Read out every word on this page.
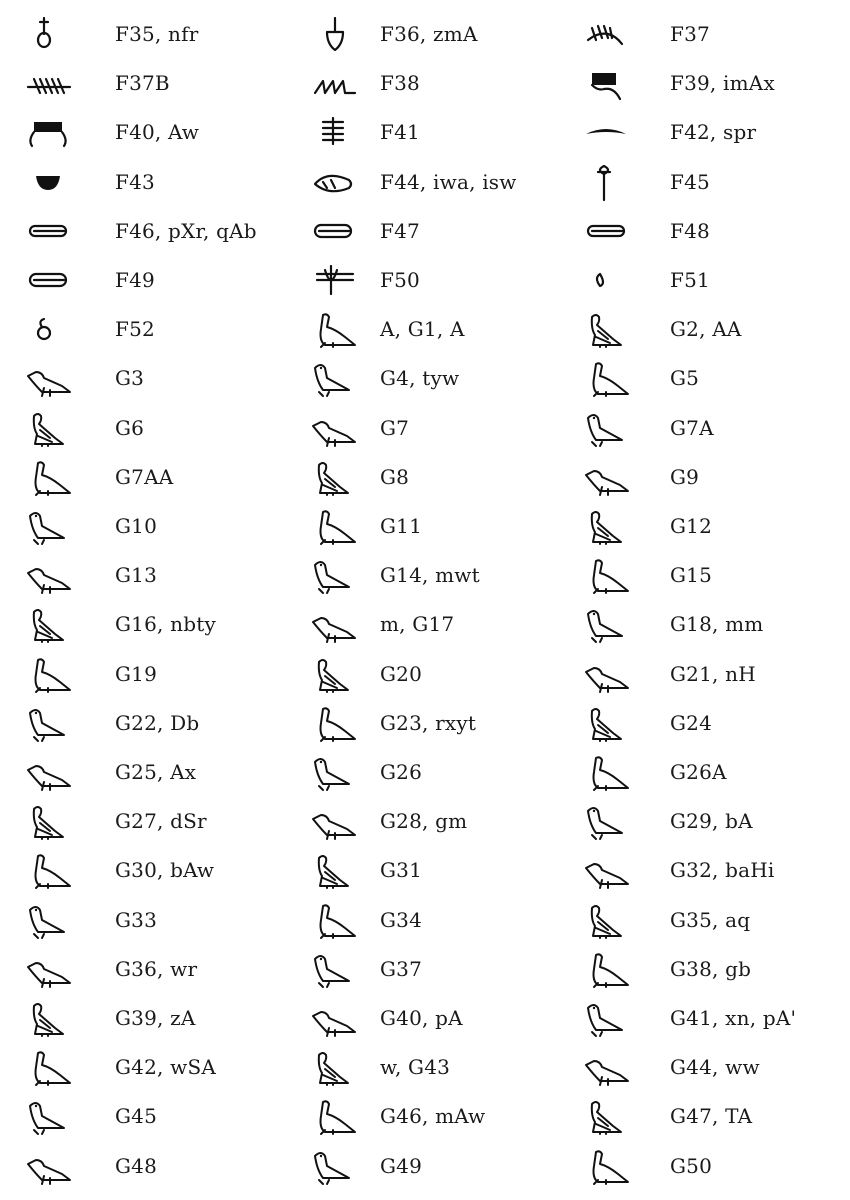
F35, nfr	F36, zmA	F37
F37B	F38	F39, imAx
F40, Aw	F41	F42, spr
F43	F44, iwa, isw	F45
F46, pXr, qAb	F47	F48
F49	F50	F51
F52	A, G1, A	G2, AA
G3	G4, tyw	G5
G6	G7	G7A
G7AA	G8	G9
G10	G11	G12
G13	G14, mwt	G15
G16, nbty	m, G17	G18, mm
G19	G20	G21, nH
G22, Db	G23, rxyt	G24
G25, Ax	G26	G26A
G27, dSr	G28, gm	G29, bA
G30, bAw	G31	G32, baHi
G33	G34	G35, aq
G36, wr	G37	G38, gb
G39, zA	G40, pA	G41, xn, pA'
G42, wSA	w, G43	G44, ww
G45	G46, mAw	G47, TA
G48	G49	G50
